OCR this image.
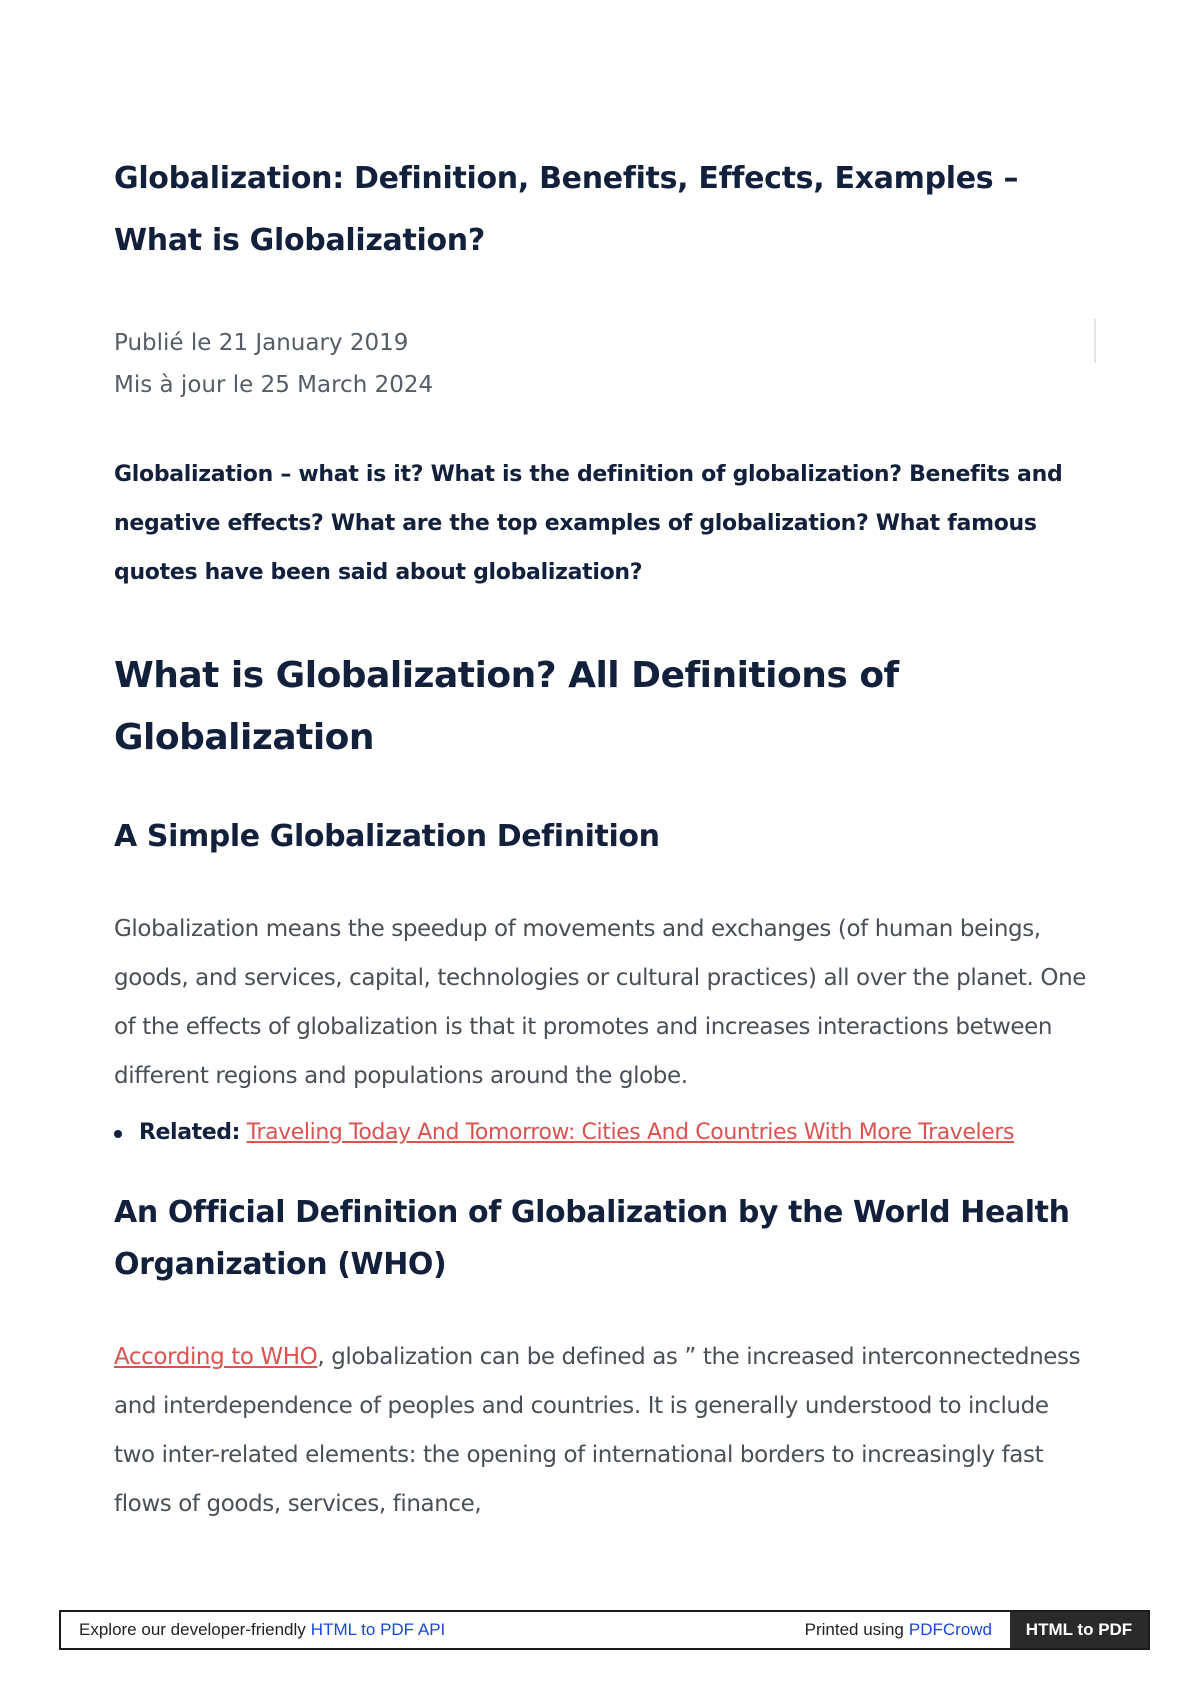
Globalization: Definition, Benefits, Effects, Examples – What is Globalization?
Publié le 21 January 2019
Mis à jour le 25 March 2024

Globalization – what is it? What is the definition of globalization? Benefits and negative effects? What are the top examples of globalization? What famous quotes have been said about globalization?

What is Globalization? All Definitions of Globalization
A Simple Globalization Definition

Globalization means the speedup of movements and exchanges (of human beings, goods, and services, capital, technologies or cultural practices) all over the planet. One of the effects of globalization is that it promotes and increases interactions between different regions and populations around the globe.

Related: Traveling Today And Tomorrow: Cities And Countries With More Travelers
An Official Definition of Globalization by the World Health Organization (WHO)

According to WHO, globalization can be defined as ” the increased interconnectedness and interdependence of peoples and countries. It is generally understood to include two inter-related elements: the opening of international borders to increasingly fast flows of goods, services, finance,

Explore our developer-friendly HTML to PDF API	Printed using PDFCrowd	HTML to PDF
